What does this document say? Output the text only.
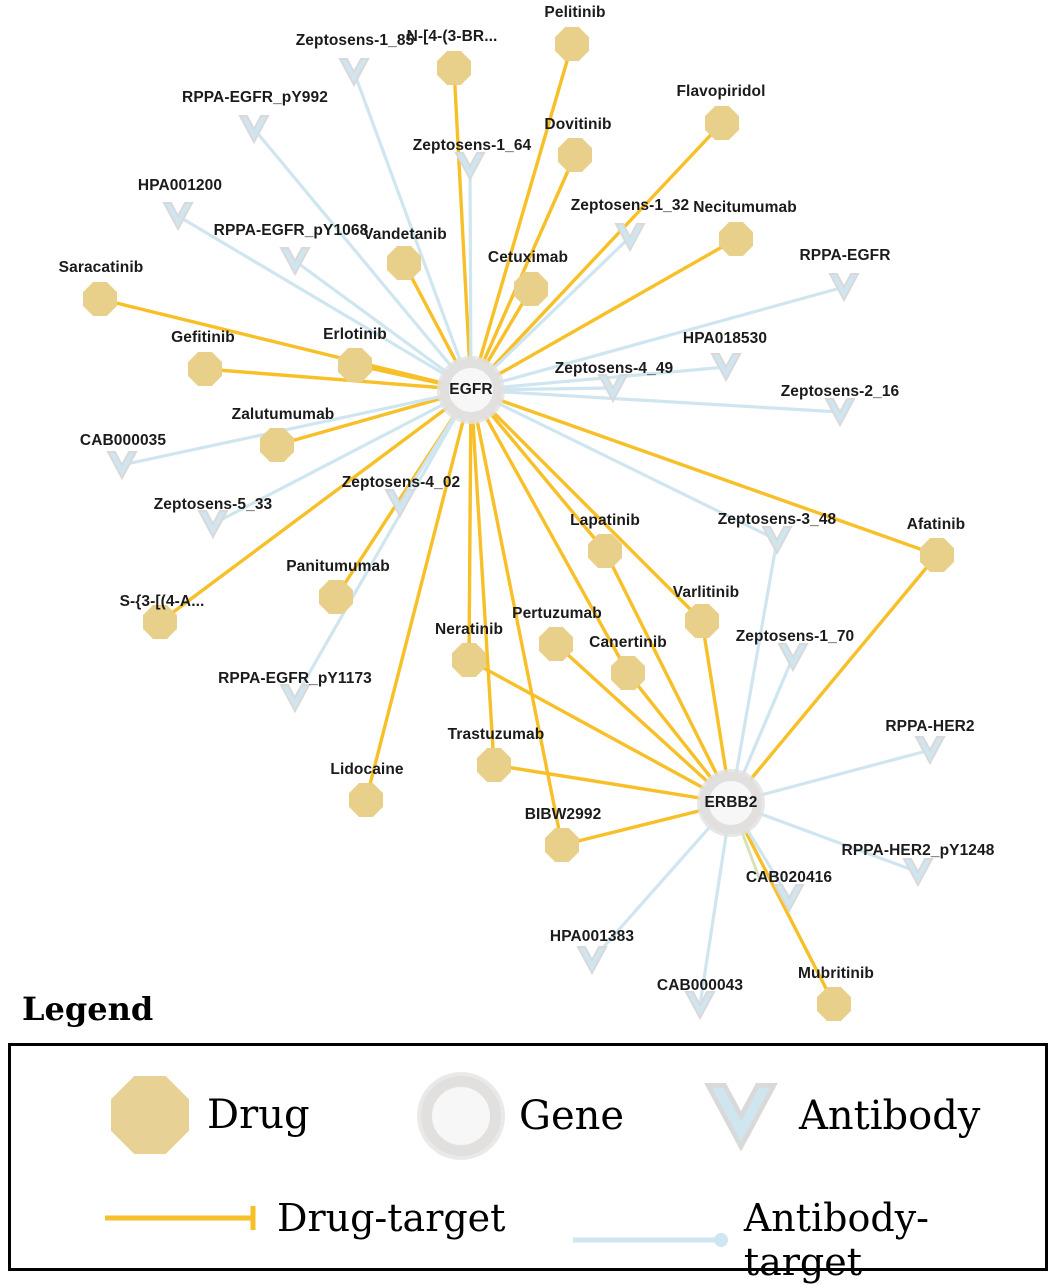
EGFR
ERBB2
Pelitinib
N-[4-(3-BR...
Dovitinib
Flavopiridol
Necitumumab
Vandetanib
Cetuximab
Saracatinib
Gefitinib	Erlotinib
Zalutumumab
Afatinib
Lapatinib
Varlitinib
Panitumumab
S-{3-[(4-A...
Pertuzumab
Neratinib
Canertinib
Trastuzumab
Lidocaine
BIBW2992
Mubritinib
Zeptosens-1_85
RPPA-EGFR_pY992
Zeptosens-1_64
HPA001200
Zeptosens-1_32
RPPA-EGFR_pY1068
RPPA-EGFR
HPA018530
Zeptosens-4_49
Zeptosens-2_16
CAB000035
Zeptosens-4_02
Zeptosens-5_33
Zeptosens-3_48
Zeptosens-1_70
RPPA-EGFR_pY1173
RPPA-HER2
RPPA-HER2_pY1248
CAB020416
HPA001383
CAB000043
Legend
Drug	Gene	Antibody
Drug-target	Antibody-target
